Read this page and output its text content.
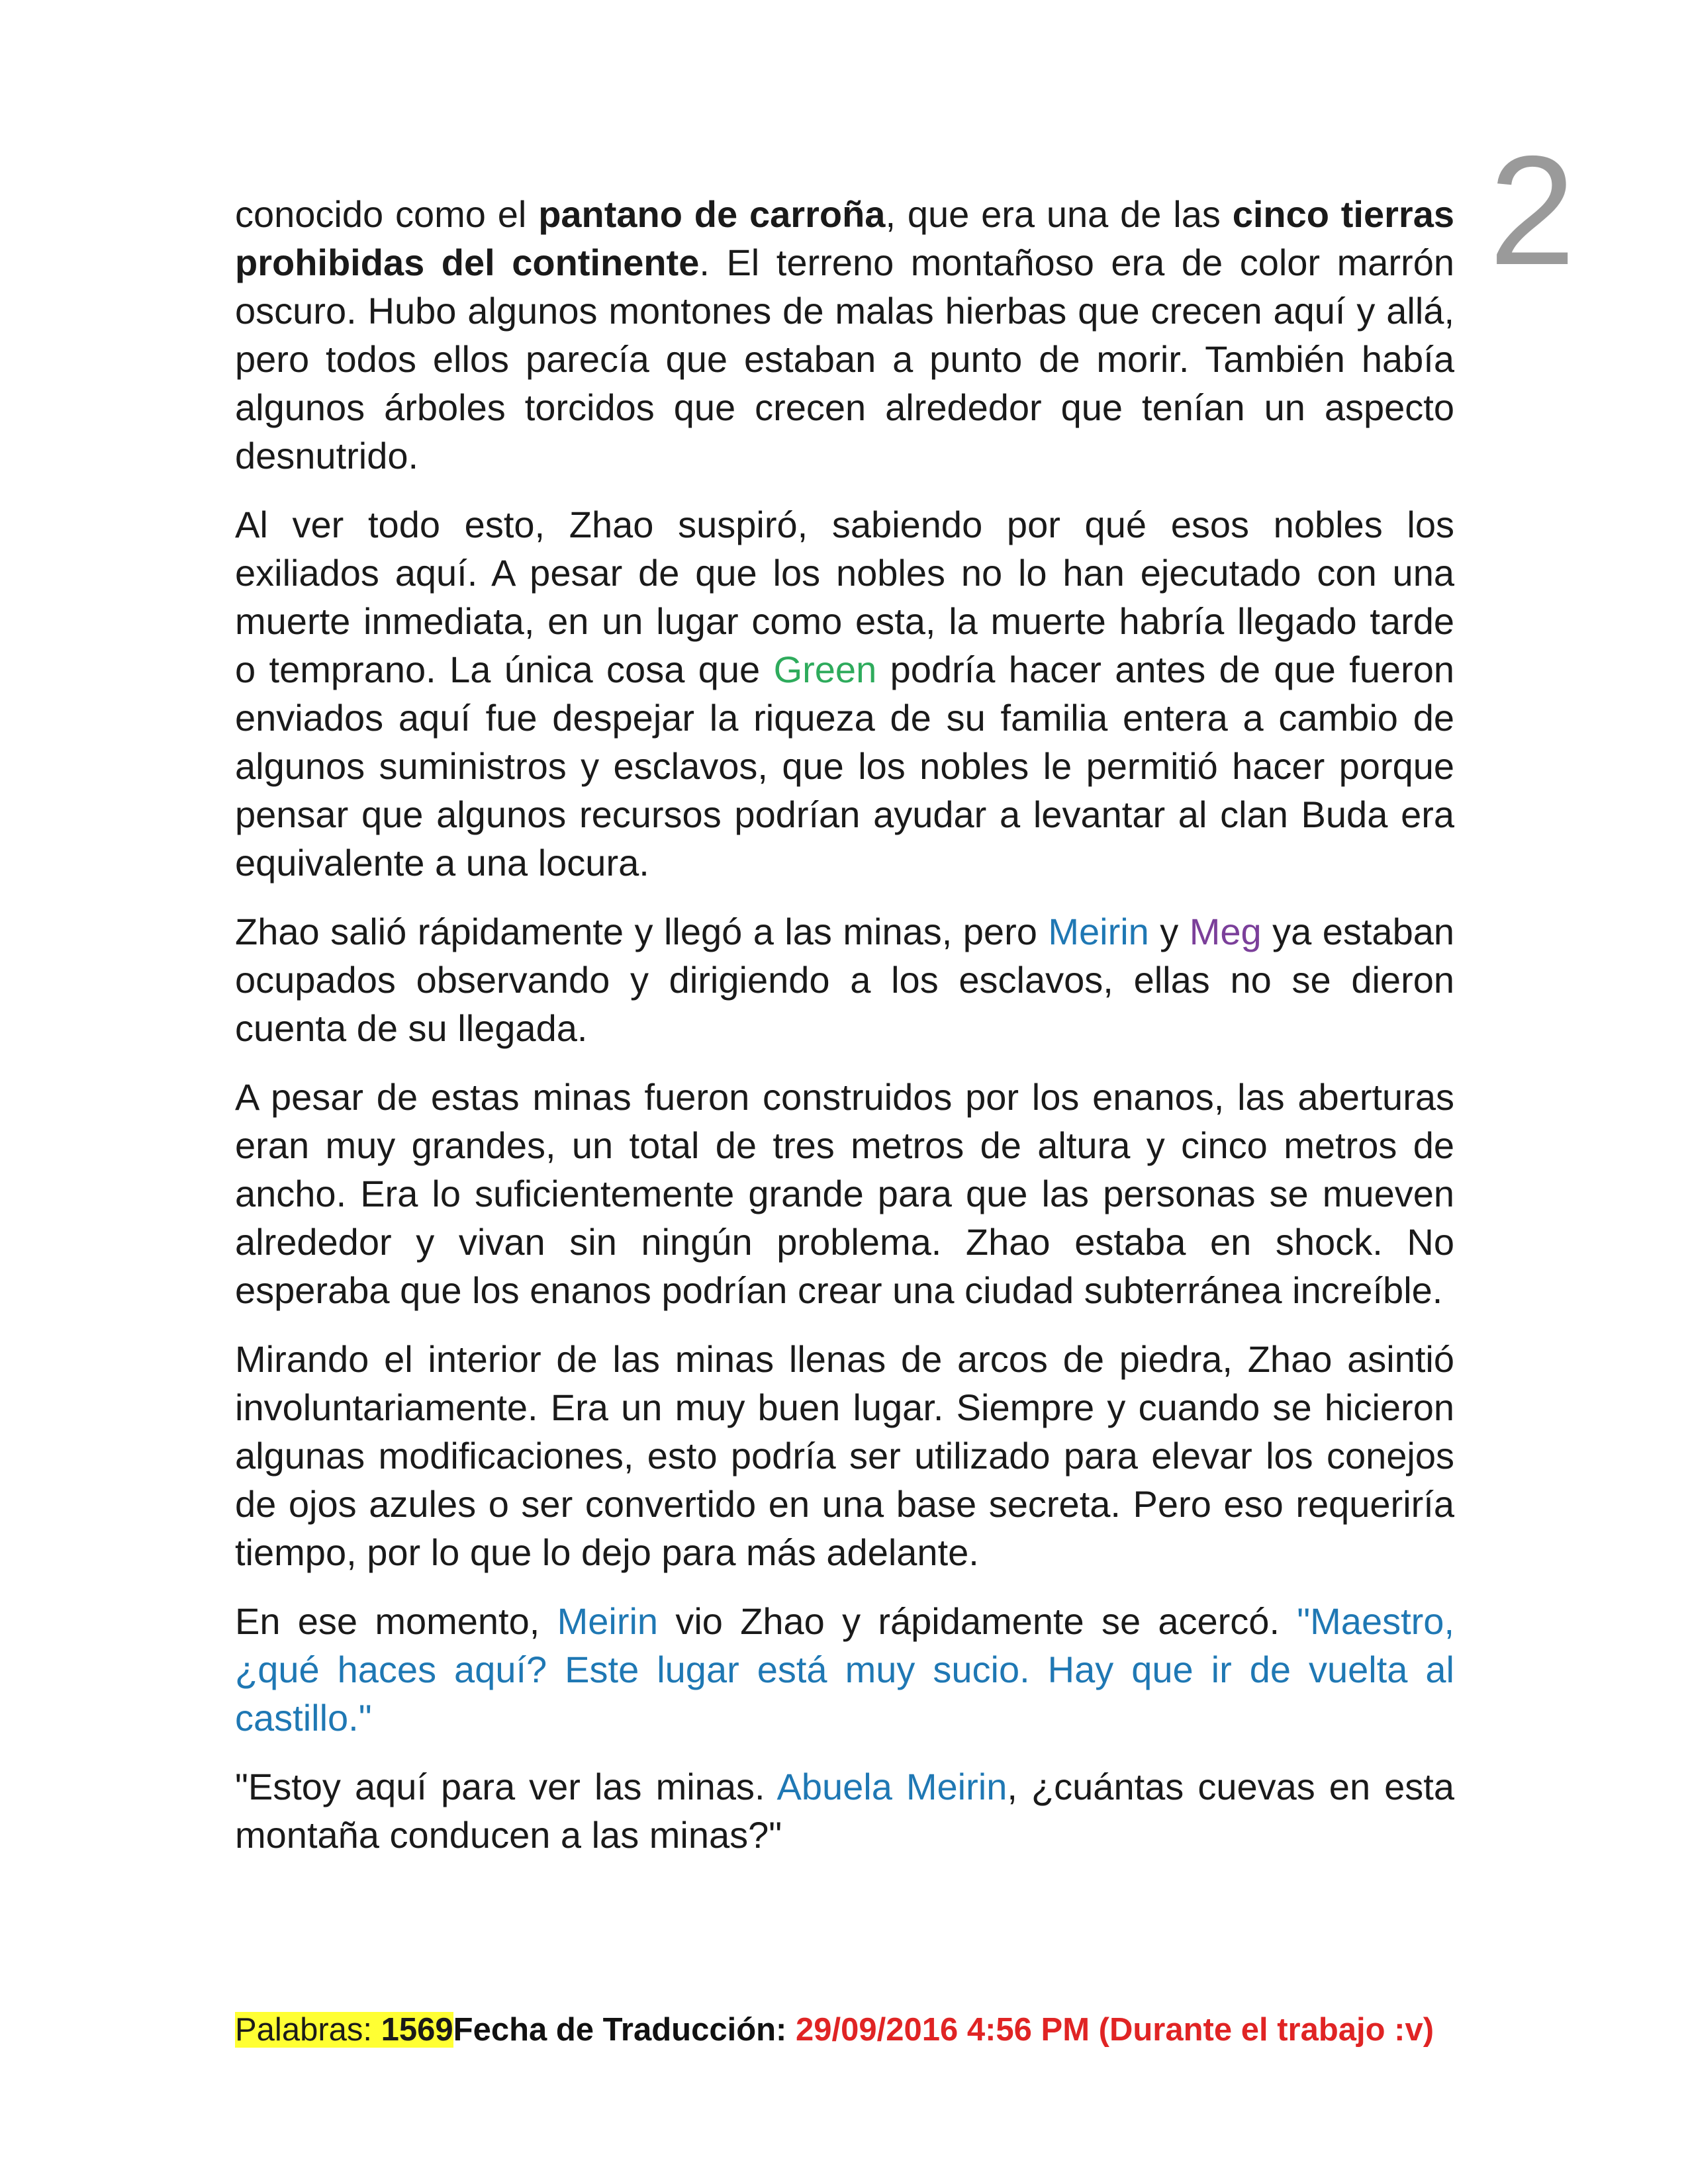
2

conocido como el pantano de carroña, que era una de las cinco tierras prohibidas del continente. El terreno montañoso era de color marrón oscuro. Hubo algunos montones de malas hierbas que crecen aquí y allá, pero todos ellos parecía que estaban a punto de morir. También había algunos árboles torcidos que crecen alrededor que tenían un aspecto desnutrido.

Al ver todo esto, Zhao suspiró, sabiendo por qué esos nobles los exiliados aquí. A pesar de que los nobles no lo han ejecutado con una muerte inmediata, en un lugar como esta, la muerte habría llegado tarde o temprano. La única cosa que Green podría hacer antes de que fueron enviados aquí fue despejar la riqueza de su familia entera a cambio de algunos suministros y esclavos, que los nobles le permitió hacer porque pensar que algunos recursos podrían ayudar a levantar al clan Buda era equivalente a una locura.

Zhao salió rápidamente y llegó a las minas, pero Meirin y Meg ya estaban ocupados observando y dirigiendo a los esclavos, ellas no se dieron cuenta de su llegada.

A pesar de estas minas fueron construidos por los enanos, las aberturas eran muy grandes, un total de tres metros de altura y cinco metros de ancho. Era lo suficientemente grande para que las personas se mueven alrededor y vivan sin ningún problema. Zhao estaba en shock. No esperaba que los enanos podrían crear una ciudad subterránea increíble.

Mirando el interior de las minas llenas de arcos de piedra, Zhao asintió involuntariamente. Era un muy buen lugar. Siempre y cuando se hicieron algunas modificaciones, esto podría ser utilizado para elevar los conejos de ojos azules o ser convertido en una base secreta. Pero eso requeriría tiempo, por lo que lo dejo para más adelante.

En ese momento, Meirin vio Zhao y rápidamente se acercó. "Maestro, ¿qué haces aquí? Este lugar está muy sucio. Hay que ir de vuelta al castillo."

"Estoy aquí para ver las minas. Abuela Meirin, ¿cuántas cuevas en esta montaña conducen a las minas?"

Palabras: 1569Fecha de Traducción: 29/09/2016 4:56 PM (Durante el trabajo :v)
